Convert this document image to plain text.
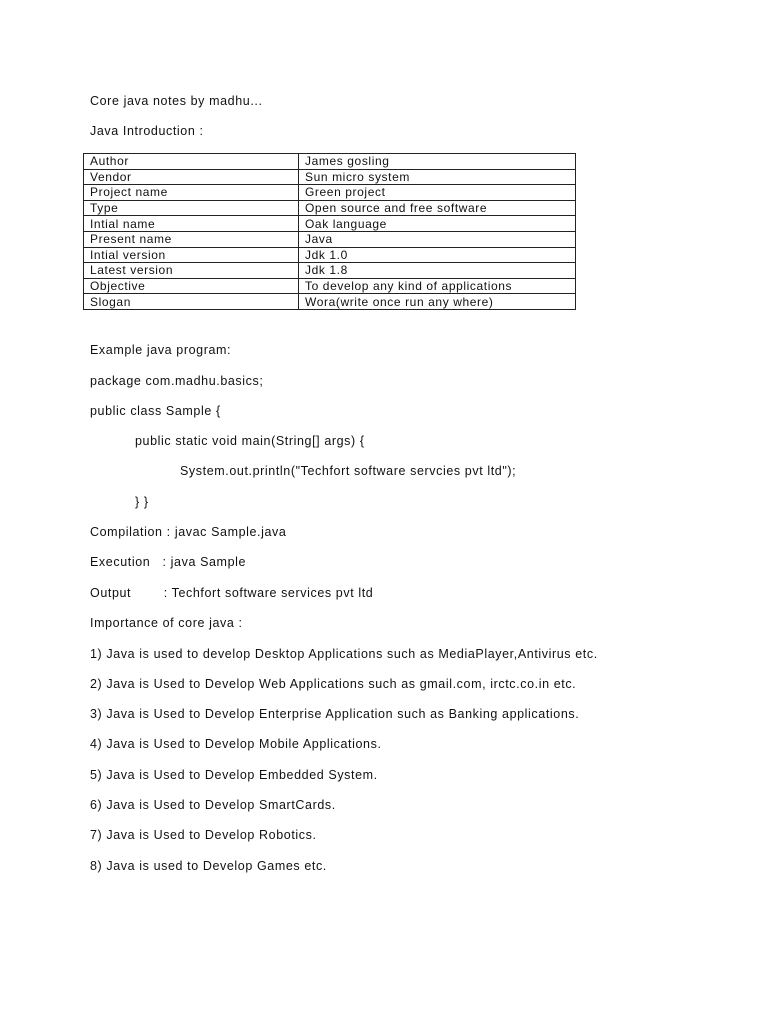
Core java notes by madhu...
Java Introduction :
Author	James gosling
Vendor	Sun micro system
Project name	Green project
Type	Open source and free software
Intial name	Oak language
Present name	Java
Intial version	Jdk 1.0
Latest version	Jdk 1.8
Objective	To develop any kind of applications
Slogan	Wora(write once run any where)
Example java program:
package com.madhu.basics;
public class Sample {
public static void main(String[] args) {
System.out.println("Techfort software servcies pvt ltd");
} }
Compilation : javac Sample.java
Execution   : java Sample
Output        : Techfort software services pvt ltd
Importance of core java :
1) Java is used to develop Desktop Applications such as MediaPlayer,Antivirus etc.
2) Java is Used to Develop Web Applications such as gmail.com, irctc.co.in etc.
3) Java is Used to Develop Enterprise Application such as Banking applications.
4) Java is Used to Develop Mobile Applications.
5) Java is Used to Develop Embedded System.
6) Java is Used to Develop SmartCards.
7) Java is Used to Develop Robotics.
8) Java is used to Develop Games etc.
